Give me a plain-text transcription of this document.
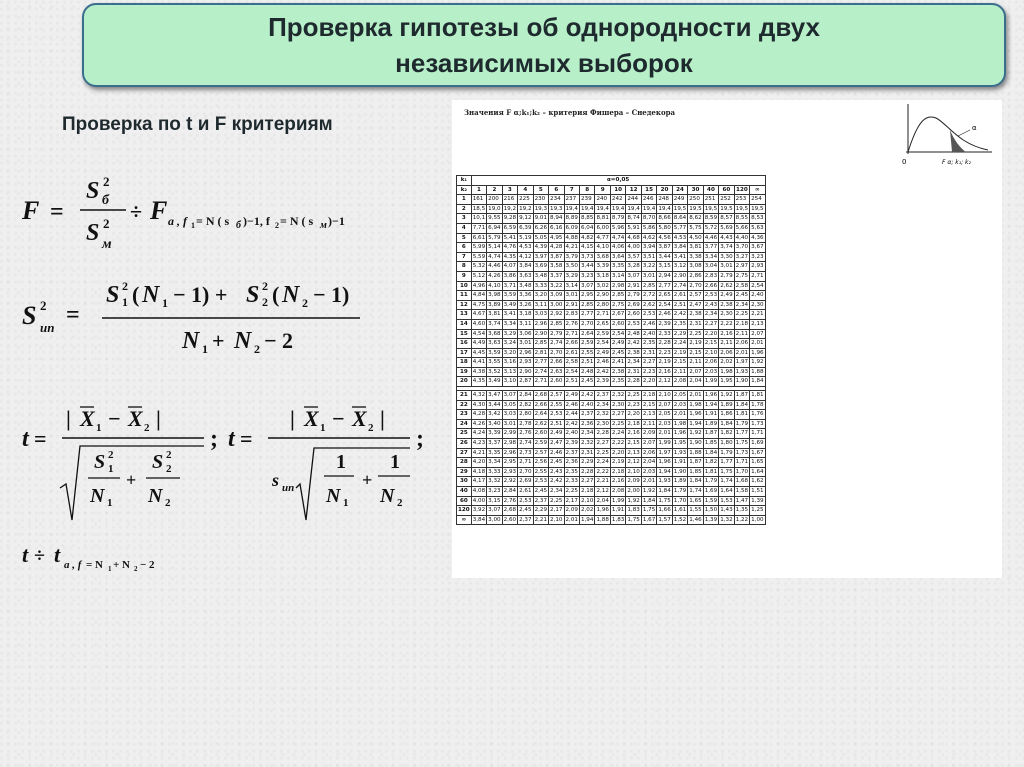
Проверка гипотезы об однородности двух независимых выборок
Проверка по t и F критериям
F =
S 2
б
S 2
м
÷ F a , f 1 = N ( s б )−1, f 2 = N ( s м )−1
S 2
ип =
S 2
1 ( N 1 − 1) + S 2
2 ( N 2 − 1)
N 1 + N 2 − 2
t =
| X 1 − X 2 |
S 2
1
N 1
+
S 2
2
N 2
; t =
| X 1 − X 2 |
s ип
1
N 1
+
1
N 2
;
t ÷ t a , f = N 1 + N 2 − 2
Значения F α;k₁;k₂ – критерия Фишера – Снедекора
0
α
F α; k₁; k₂
k₁	α=0,05																		
k₂	1	2	3	4	5	6	7	8	9	10	12	15	20	24	30	40	60	120	∞
1	161	200	216	225	230	234	237	239	240	242	244	246	248	249	250	251	252	253	254
2	18,5	19,0	19,2	19,2	19,3	19,3	19,4	19,4	19,4	19,4	19,4	19,4	19,4	19,5	19,5	19,5	19,5	19,5	19,5
3	10,1	9,55	9,28	9,12	9,01	8,94	8,89	8,85	8,81	8,79	8,74	8,70	8,66	8,64	8,62	8,59	8,57	8,55	8,53
4	7,71	6,94	6,59	6,39	6,26	6,16	6,09	6,04	6,00	5,96	5,91	5,86	5,80	5,77	5,75	5,72	5,69	5,66	5,63
5	6,61	5,79	5,41	5,19	5,05	4,95	4,88	4,82	4,77	4,74	4,68	4,62	4,56	4,53	4,50	4,46	4,43	4,40	4,36
6	5,99	5,14	4,76	4,53	4,39	4,28	4,21	4,15	4,10	4,06	4,00	3,94	3,87	3,84	3,81	3,77	3,74	3,70	3,67
7	5,59	4,74	4,35	4,12	3,97	3,87	3,79	3,73	3,68	3,64	3,57	3,51	3,44	3,41	3,38	3,34	3,30	3,27	3,23
8	5,32	4,46	4,07	3,84	3,69	3,58	3,50	3,44	3,39	3,35	3,28	3,22	3,15	3,12	3,08	3,04	3,01	2,97	2,93
9	5,12	4,26	3,86	3,63	3,48	3,37	3,29	3,23	3,18	3,14	3,07	3,01	2,94	2,90	2,86	2,83	2,79	2,75	2,71
10	4,96	4,10	3,71	3,48	3,33	3,22	3,14	3,07	3,02	2,98	2,91	2,85	2,77	2,74	2,70	2,66	2,62	2,58	2,54
11	4,84	3,98	3,59	3,36	3,20	3,09	3,01	2,95	2,90	2,85	2,79	2,72	2,65	2,61	2,57	2,53	2,49	2,45	2,40
12	4,75	3,89	3,49	3,26	3,11	3,00	2,91	2,85	2,80	2,75	2,69	2,62	2,54	2,51	2,47	2,43	2,38	2,34	2,30
13	4,67	3,81	3,41	3,18	3,03	2,92	2,83	2,77	2,71	2,67	2,60	2,53	2,46	2,42	2,38	2,34	2,30	2,25	2,21
14	4,60	3,74	3,34	3,11	2,96	2,85	2,76	2,70	2,65	2,60	2,53	2,46	2,39	2,35	2,31	2,27	2,22	2,18	2,13
15	4,54	3,68	3,29	3,06	2,90	2,79	2,71	2,64	2,59	2,54	2,48	2,40	2,33	2,29	2,25	2,20	2,16	2,11	2,07
16	4,49	3,63	3,24	3,01	2,85	2,74	2,66	2,59	2,54	2,49	2,42	2,35	2,28	2,24	2,19	2,15	2,11	2,06	2,01
17	4,45	3,59	3,20	2,96	2,81	2,70	2,61	2,55	2,49	2,45	2,38	2,31	2,23	2,19	2,15	2,10	2,06	2,01	1,96
18	4,41	3,55	3,16	2,93	2,77	2,66	2,58	2,51	2,46	2,41	2,34	2,27	2,19	2,15	2,11	2,06	2,02	1,97	1,92
19	4,38	3,52	3,13	2,90	2,74	2,63	2,54	2,48	2,42	2,38	2,31	2,23	2,16	2,11	2,07	2,03	1,98	1,93	1,88
20	4,35	3,49	3,10	2,87	2,71	2,60	2,51	2,45	2,39	2,35	2,28	2,20	2,12	2,08	2,04	1,99	1,95	1,90	1,84

21	4,32	3,47	3,07	2,84	2,68	2,57	2,49	2,42	2,37	2,32	2,25	2,18	2,10	2,05	2,01	1,96	1,92	1,87	1,81
22	4,30	3,44	3,05	2,82	2,66	2,55	2,46	2,40	2,34	2,30	2,23	2,15	2,07	2,03	1,98	1,94	1,89	1,84	1,78
23	4,28	3,42	3,03	2,80	2,64	2,53	2,44	2,37	2,32	2,27	2,20	2,13	2,05	2,01	1,96	1,91	1,86	1,81	1,76
24	4,26	3,40	3,01	2,78	2,62	2,51	2,42	2,36	2,30	2,25	2,18	2,11	2,03	1,98	1,94	1,89	1,84	1,79	1,73
25	4,24	3,39	2,99	2,76	2,60	2,49	2,40	2,34	2,28	2,24	2,16	2,09	2,01	1,96	1,92	1,87	1,82	1,77	1,71
26	4,23	3,37	2,98	2,74	2,59	2,47	2,39	2,32	2,27	2,22	2,15	2,07	1,99	1,95	1,90	1,85	1,80	1,75	1,69
27	4,21	3,35	2,96	2,73	2,57	2,46	2,37	2,31	2,25	2,20	2,13	2,06	1,97	1,93	1,88	1,84	1,79	1,73	1,67
28	4,20	3,34	2,95	2,71	2,56	2,45	2,36	2,29	2,24	2,19	2,12	2,04	1,96	1,91	1,87	1,82	1,77	1,71	1,65
29	4,18	3,33	2,93	2,70	2,55	2,43	2,35	2,28	2,22	2,18	2,10	2,03	1,94	1,90	1,85	1,81	1,75	1,70	1,64
30	4,17	3,32	2,92	2,69	2,53	2,42	2,33	2,27	2,21	2,16	2,09	2,01	1,93	1,89	1,84	1,79	1,74	1,68	1,62
40	4,08	3,23	2,84	2,61	2,45	2,34	2,25	2,18	2,12	2,08	2,00	1,92	1,84	1,79	1,74	1,69	1,64	1,58	1,51
60	4,00	3,15	2,76	2,53	2,37	2,25	2,17	2,10	2,04	1,99	1,92	1,84	1,75	1,70	1,65	1,59	1,53	1,47	1,39
120	3,92	3,07	2,68	2,45	2,29	2,17	2,09	2,02	1,96	1,91	1,83	1,75	1,66	1,61	1,55	1,50	1,43	1,35	1,25
∞	3,84	3,00	2,60	2,37	2,21	2,10	2,01	1,94	1,88	1,83	1,75	1,67	1,57	1,52	1,46	1,39	1,32	1,22	1,00
